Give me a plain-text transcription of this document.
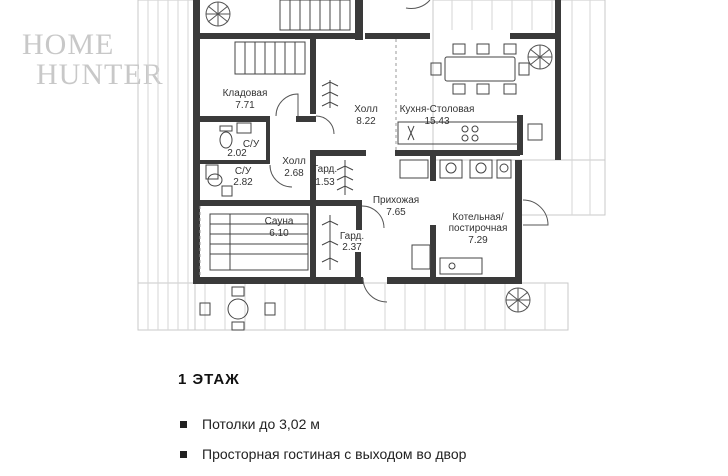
HOME
HUNTER
Кладовая
7.71	Холл
8.22
Кухня-Столовая
15.43
С/У
2.02
Холл
2.68 Гард.
1.53
С/У
2.82
Прихожая
7.65	Котельная/
постирочная
7.29
Сауна
6.10	Гард.
2.37
1 ЭТАЖ
Потолки до 3,02 м
Просторная гостиная с выходом во двор
